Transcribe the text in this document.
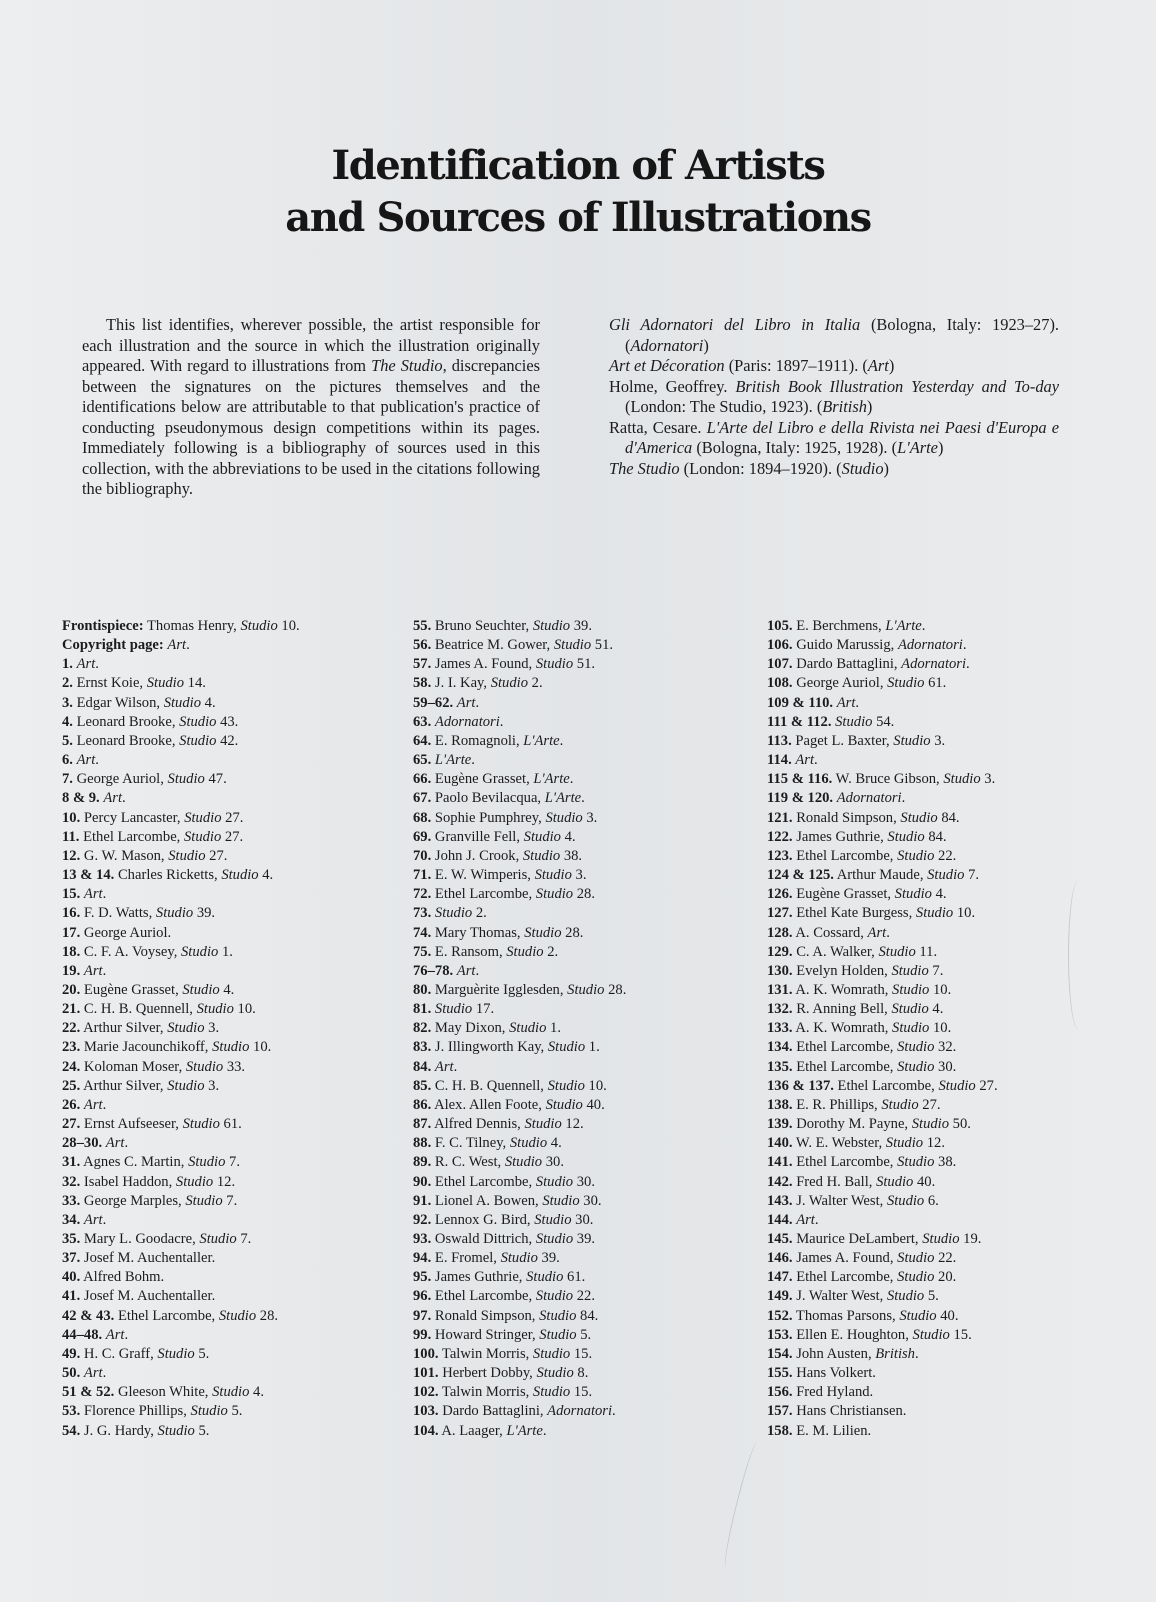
Identification of Artists
and Sources of Illustrations
This list identifies, wherever possible, the artist responsible for each illustration and the source in which the illustration originally appeared. With regard to illustrations from The Studio, discrepancies between the signatures on the pictures themselves and the identifications below are attributable to that publication's practice of conducting pseudonymous design competitions within its pages. Immediately following is a bibliography of sources used in this collection, with the abbreviations to be used in the citations following the bibliography.
Gli Adornatori del Libro in Italia (Bologna, Italy: 1923–27). (Adornatori)
Art et Décoration (Paris: 1897–1911). (Art)
Holme, Geoffrey. British Book Illustration Yesterday and To-day (London: The Studio, 1923). (British)
Ratta, Cesare. L'Arte del Libro e della Rivista nei Paesi d'Europa e d'America (Bologna, Italy: 1925, 1928). (L'Arte)
The Studio (London: 1894–1920). (Studio)
Frontispiece: Thomas Henry, Studio 10.
Copyright page: Art.
1. Art.
2. Ernst Koie, Studio 14.
3. Edgar Wilson, Studio 4.
4. Leonard Brooke, Studio 43.
5. Leonard Brooke, Studio 42.
6. Art.
7. George Auriol, Studio 47.
8 & 9. Art.
10. Percy Lancaster, Studio 27.
11. Ethel Larcombe, Studio 27.
12. G. W. Mason, Studio 27.
13 & 14. Charles Ricketts, Studio 4.
15. Art.
16. F. D. Watts, Studio 39.
17. George Auriol.
18. C. F. A. Voysey, Studio 1.
19. Art.
20. Eugène Grasset, Studio 4.
21. C. H. B. Quennell, Studio 10.
22. Arthur Silver, Studio 3.
23. Marie Jacounchikoff, Studio 10.
24. Koloman Moser, Studio 33.
25. Arthur Silver, Studio 3.
26. Art.
27. Ernst Aufseeser, Studio 61.
28–30. Art.
31. Agnes C. Martin, Studio 7.
32. Isabel Haddon, Studio 12.
33. George Marples, Studio 7.
34. Art.
35. Mary L. Goodacre, Studio 7.
37. Josef M. Auchentaller.
40. Alfred Bohm.
41. Josef M. Auchentaller.
42 & 43. Ethel Larcombe, Studio 28.
44–48. Art.
49. H. C. Graff, Studio 5.
50. Art.
51 & 52. Gleeson White, Studio 4.
53. Florence Phillips, Studio 5.
54. J. G. Hardy, Studio 5.
55. Bruno Seuchter, Studio 39.
56. Beatrice M. Gower, Studio 51.
57. James A. Found, Studio 51.
58. J. I. Kay, Studio 2.
59–62. Art.
63. Adornatori.
64. E. Romagnoli, L'Arte.
65. L'Arte.
66. Eugène Grasset, L'Arte.
67. Paolo Bevilacqua, L'Arte.
68. Sophie Pumphrey, Studio 3.
69. Granville Fell, Studio 4.
70. John J. Crook, Studio 38.
71. E. W. Wimperis, Studio 3.
72. Ethel Larcombe, Studio 28.
73. Studio 2.
74. Mary Thomas, Studio 28.
75. E. Ransom, Studio 2.
76–78. Art.
80. Marguèrite Igglesden, Studio 28.
81. Studio 17.
82. May Dixon, Studio 1.
83. J. Illingworth Kay, Studio 1.
84. Art.
85. C. H. B. Quennell, Studio 10.
86. Alex. Allen Foote, Studio 40.
87. Alfred Dennis, Studio 12.
88. F. C. Tilney, Studio 4.
89. R. C. West, Studio 30.
90. Ethel Larcombe, Studio 30.
91. Lionel A. Bowen, Studio 30.
92. Lennox G. Bird, Studio 30.
93. Oswald Dittrich, Studio 39.
94. E. Fromel, Studio 39.
95. James Guthrie, Studio 61.
96. Ethel Larcombe, Studio 22.
97. Ronald Simpson, Studio 84.
99. Howard Stringer, Studio 5.
100. Talwin Morris, Studio 15.
101. Herbert Dobby, Studio 8.
102. Talwin Morris, Studio 15.
103. Dardo Battaglini, Adornatori.
104. A. Laager, L'Arte.
105. E. Berchmens, L'Arte.
106. Guido Marussig, Adornatori.
107. Dardo Battaglini, Adornatori.
108. George Auriol, Studio 61.
109 & 110. Art.
111 & 112. Studio 54.
113. Paget L. Baxter, Studio 3.
114. Art.
115 & 116. W. Bruce Gibson, Studio 3.
119 & 120. Adornatori.
121. Ronald Simpson, Studio 84.
122. James Guthrie, Studio 84.
123. Ethel Larcombe, Studio 22.
124 & 125. Arthur Maude, Studio 7.
126. Eugène Grasset, Studio 4.
127. Ethel Kate Burgess, Studio 10.
128. A. Cossard, Art.
129. C. A. Walker, Studio 11.
130. Evelyn Holden, Studio 7.
131. A. K. Womrath, Studio 10.
132. R. Anning Bell, Studio 4.
133. A. K. Womrath, Studio 10.
134. Ethel Larcombe, Studio 32.
135. Ethel Larcombe, Studio 30.
136 & 137. Ethel Larcombe, Studio 27.
138. E. R. Phillips, Studio 27.
139. Dorothy M. Payne, Studio 50.
140. W. E. Webster, Studio 12.
141. Ethel Larcombe, Studio 38.
142. Fred H. Ball, Studio 40.
143. J. Walter West, Studio 6.
144. Art.
145. Maurice DeLambert, Studio 19.
146. James A. Found, Studio 22.
147. Ethel Larcombe, Studio 20.
149. J. Walter West, Studio 5.
152. Thomas Parsons, Studio 40.
153. Ellen E. Houghton, Studio 15.
154. John Austen, British.
155. Hans Volkert.
156. Fred Hyland.
157. Hans Christiansen.
158. E. M. Lilien.
